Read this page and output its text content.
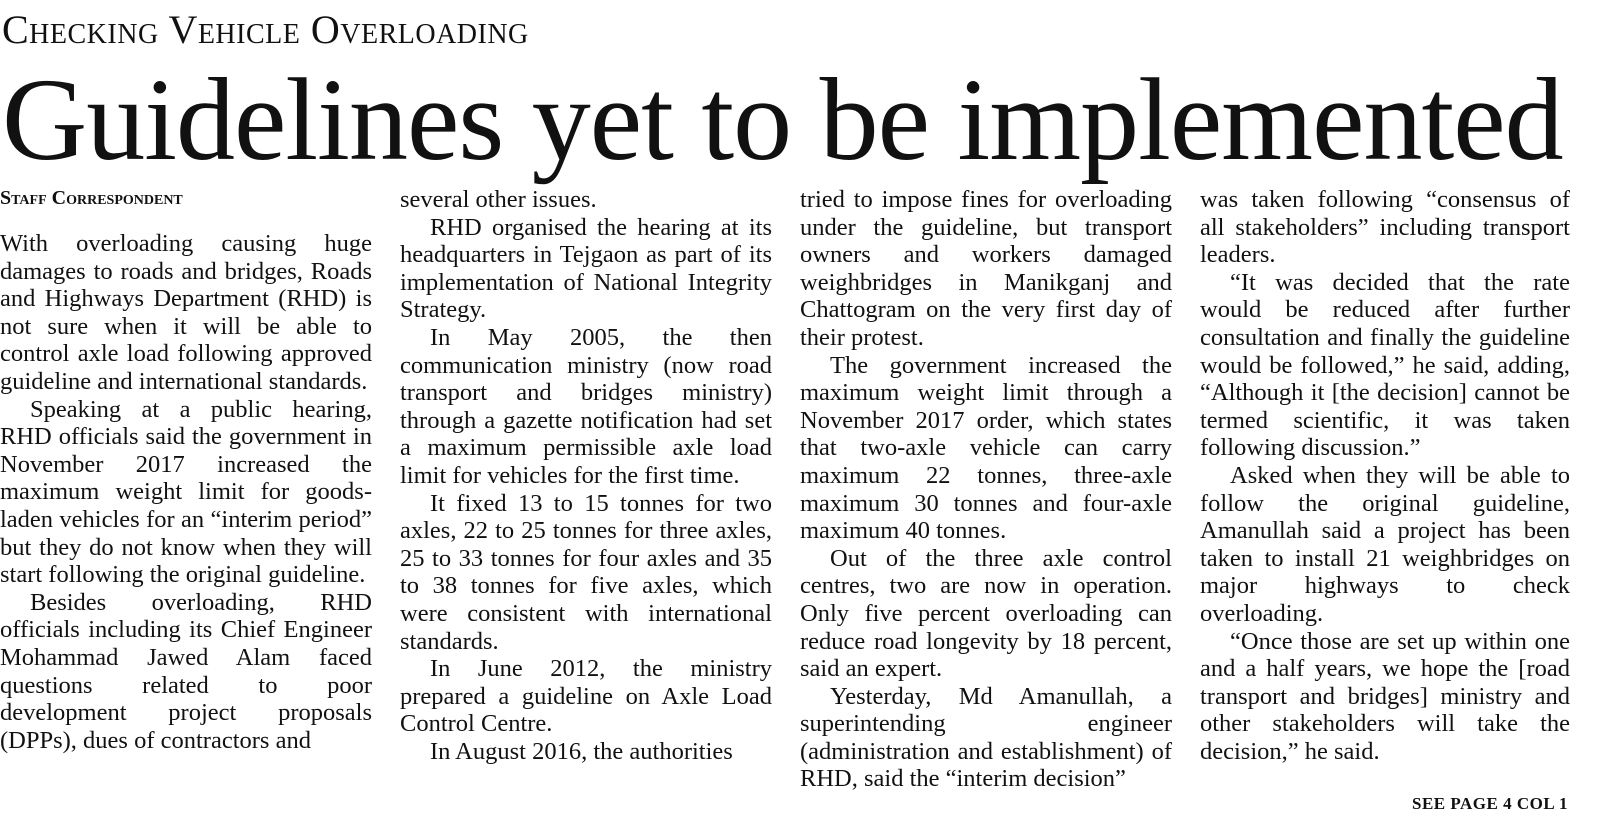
Checking Vehicle Overloading
Guidelines yet to be implemented
Staff Correspondent

With overloading causing huge damages to roads and bridges, Roads and Highways Department (RHD) is not sure when it will be able to control axle load following approved guideline and international standards.

Speaking at a public hearing, RHD officials said the government in November 2017 increased the maximum weight limit for goods-laden vehicles for an “interim period” but they do not know when they will start following the original guideline.

Besides overloading, RHD officials including its Chief Engineer Mohammad Jawed Alam faced questions related to poor development project proposals (DPPs), dues of contractors and

several other issues.

RHD organised the hearing at its headquarters in Tejgaon as part of its implementation of National Integrity Strategy.

In May 2005, the then communication ministry (now road transport and bridges ministry) through a gazette notification had set a maximum permissible axle load limit for vehicles for the first time.

It fixed 13 to 15 tonnes for two axles, 22 to 25 tonnes for three axles, 25 to 33 tonnes for four axles and 35 to 38 tonnes for five axles, which were consistent with international standards.

In June 2012, the ministry prepared a guideline on Axle Load Control Centre.

In August 2016, the authorities

tried to impose fines for overloading under the guideline, but transport owners and workers damaged weighbridges in Manikganj and Chattogram on the very first day of their protest.

The government increased the maximum weight limit through a November 2017 order, which states that two-axle vehicle can carry maximum 22 tonnes, three-axle maximum 30 tonnes and four-axle maximum 40 tonnes.

Out of the three axle control centres, two are now in operation. Only five percent overloading can reduce road longevity by 18 percent, said an expert.

Yesterday, Md Amanullah, a superintending engineer (administration and establishment) of RHD, said the “interim decision”

was taken following “consensus of all stakeholders” including transport leaders.

“It was decided that the rate would be reduced after further consultation and finally the guideline would be followed,” he said, adding, “Although it [the decision] cannot be termed scientific, it was taken following discussion.”

Asked when they will be able to follow the original guideline, Amanullah said a project has been taken to install 21 weighbridges on major highways to check overloading.

“Once those are set up within one and a half years, we hope the [road transport and bridges] ministry and other stakeholders will take the decision,” he said.

SEE PAGE 4 COL 1
